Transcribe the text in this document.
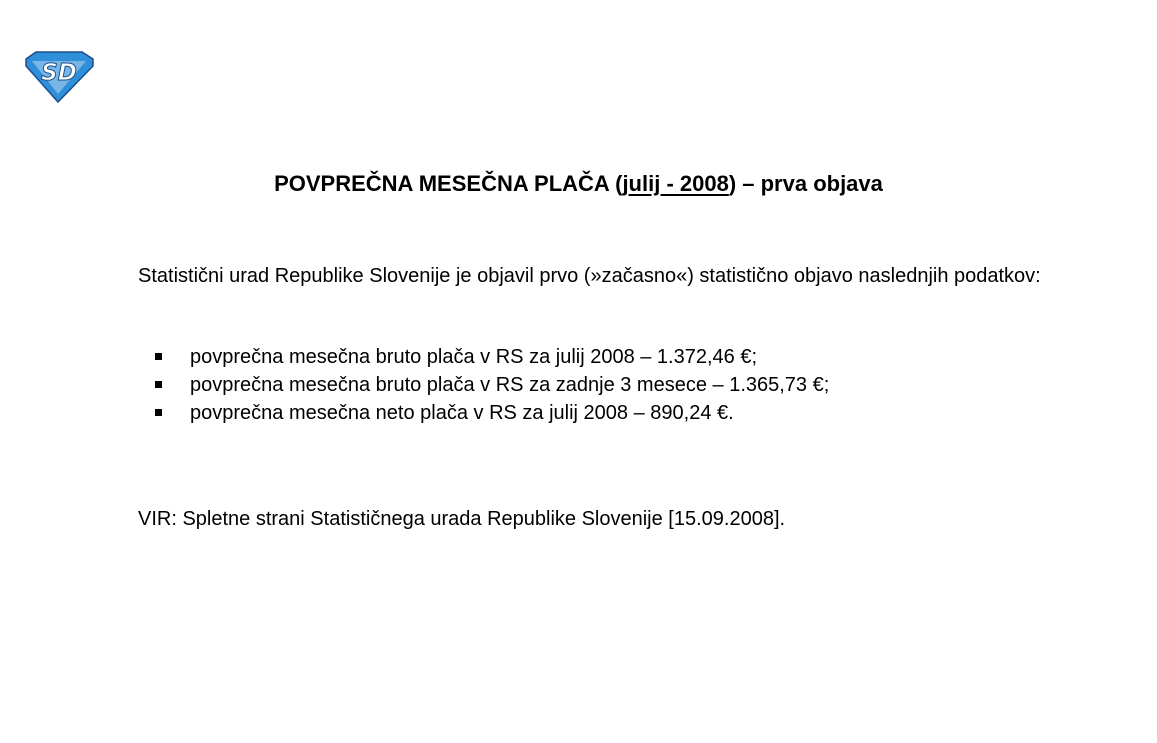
SD
POVPREČNA MESEČNA PLAČA (julij - 2008) – prva objava

Statistični urad Republike Slovenije je objavil prvo (»začasno«) statistično objavo naslednjih podatkov:

povprečna mesečna bruto plača v RS za julij 2008 – 1.372,46 €;
povprečna mesečna bruto plača v RS za zadnje 3 mesece – 1.365,73 €;
povprečna mesečna neto plača v RS za julij 2008 – 890,24 €.
VIR: Spletne strani Statističnega urada Republike Slovenije [15.09.2008].
